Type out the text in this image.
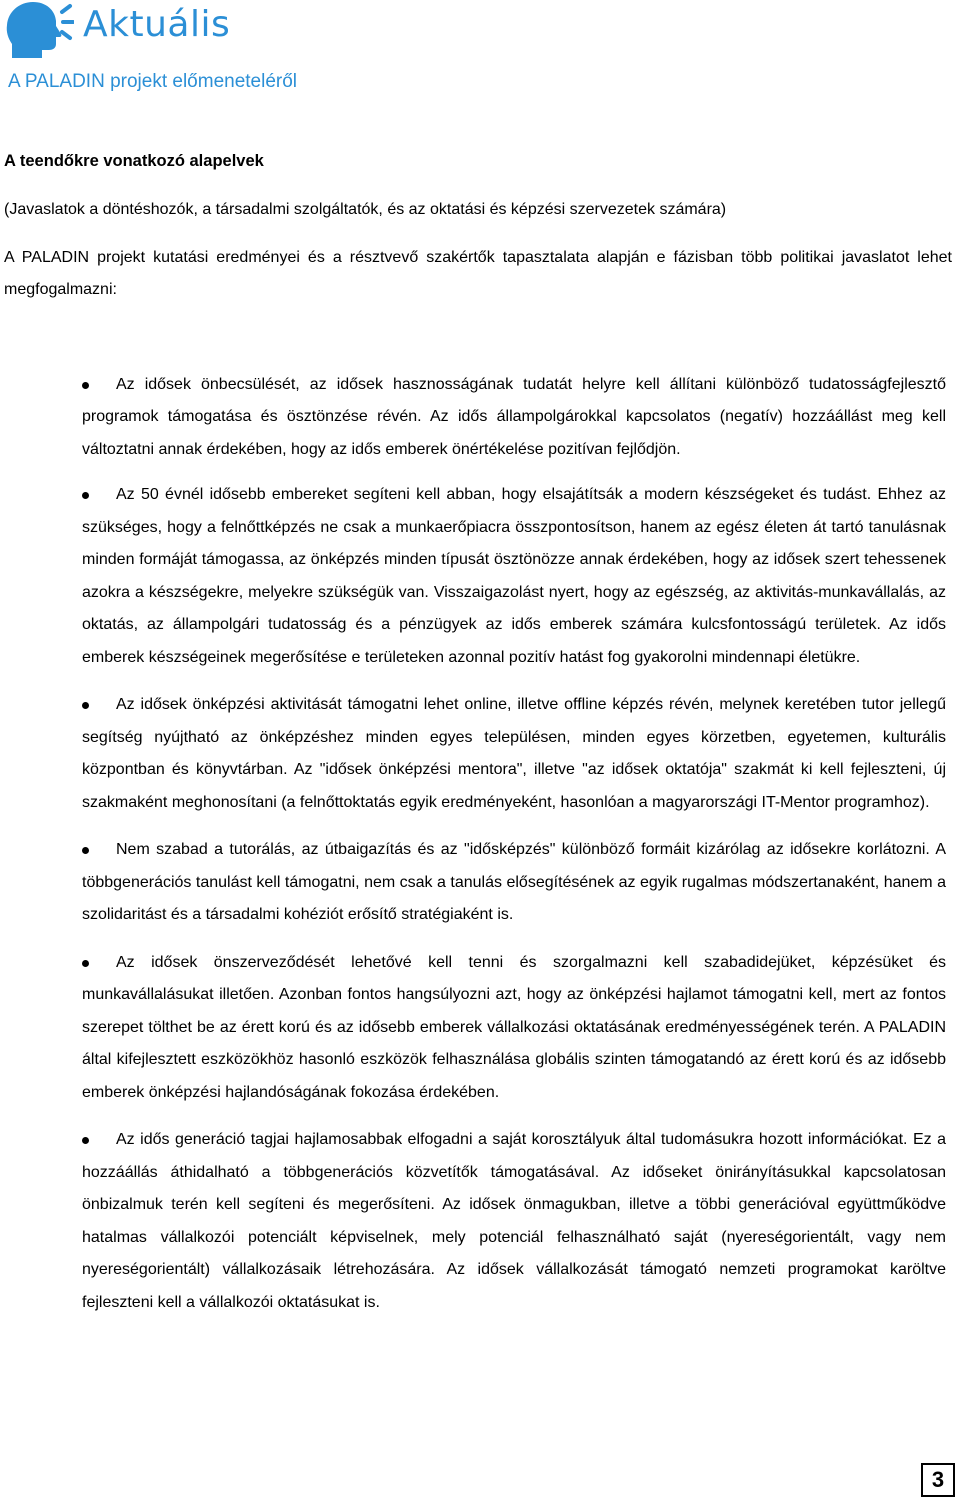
Aktuális
A PALADIN projekt előmeneteléről

A teendőkre vonatkozó alapelvek

(Javaslatok a döntéshozók, a társadalmi szolgáltatók, és az oktatási és képzési szervezetek számára)

A PALADIN projekt kutatási eredményei és a résztvevő szakértők tapasztalata alapján e fázisban több politikai javaslatot lehet megfogalmazni:

Az idősek önbecsülését, az idősek hasznosságának tudatát helyre kell állítani különböző tudatosságfejlesztő programok támogatása és ösztönzése révén. Az idős állampolgárokkal kapcsolatos (negatív) hozzáállást meg kell változtatni annak érdekében, hogy az idős emberek önértékelése pozitívan fejlődjön.
Az 50 évnél idősebb embereket segíteni kell abban, hogy elsajátítsák a modern készségeket és tudást. Ehhez az szükséges, hogy a felnőttképzés ne csak a munkaerőpiacra összpontosítson, hanem az egész életen át tartó tanulásnak minden formáját támogassa, az önképzés minden típusát ösztönözze annak érdekében, hogy az idősek szert tehessenek azokra a készségekre, melyekre szükségük van. Visszaigazolást nyert, hogy az egészség, az aktivitás-munkavállalás, az oktatás, az állampolgári tudatosság és a pénzügyek az idős emberek számára kulcsfontosságú területek. Az idős emberek készségeinek megerősítése e területeken azonnal pozitív hatást fog gyakorolni mindennapi életükre.
Az idősek önképzési aktivitását támogatni lehet online, illetve offline képzés révén, melynek keretében tutor jellegű segítség nyújtható az önképzéshez minden egyes településen, minden egyes körzetben, egyetemen, kulturális központban és könyvtárban. Az "idősek önképzési mentora", illetve "az idősek oktatója" szakmát ki kell fejleszteni, új szakmaként meghonosítani (a felnőttoktatás egyik eredményeként, hasonlóan a magyarországi IT-Mentor programhoz).
Nem szabad a tutorálás, az útbaigazítás és az "idősképzés" különböző formáit kizárólag az idősekre korlátozni. A többgenerációs tanulást kell támogatni, nem csak a tanulás elősegítésének az egyik rugalmas módszertanaként, hanem a szolidaritást és a társadalmi kohéziót erősítő stratégiaként is.
Az idősek önszerveződését lehetővé kell tenni és szorgalmazni kell szabadidejüket, képzésüket és munkavállalásukat illetően. Azonban fontos hangsúlyozni azt, hogy az önképzési hajlamot támogatni kell, mert az fontos szerepet tölthet be az érett korú és az idősebb emberek vállalkozási oktatásának eredményességének terén. A PALADIN által kifejlesztett eszközökhöz hasonló eszközök felhasználása globális szinten támogatandó az érett korú és az idősebb emberek önképzési hajlandóságának fokozása érdekében.
Az idős generáció tagjai hajlamosabbak elfogadni a saját korosztályuk által tudomásukra hozott információkat. Ez a hozzáállás áthidalható a többgenerációs közvetítők támogatásával. Az időseket önirányításukkal kapcsolatosan önbizalmuk terén kell segíteni és megerősíteni. Az idősek önmagukban, illetve a többi generációval együttműködve hatalmas vállalkozói potenciált képviselnek, mely potenciál felhasználható saját (nyereségorientált, vagy nem nyereségorientált) vállalkozásaik létrehozására. Az idősek vállalkozását támogató nemzeti programokat karöltve fejleszteni kell a vállalkozói oktatásukat is.
3
